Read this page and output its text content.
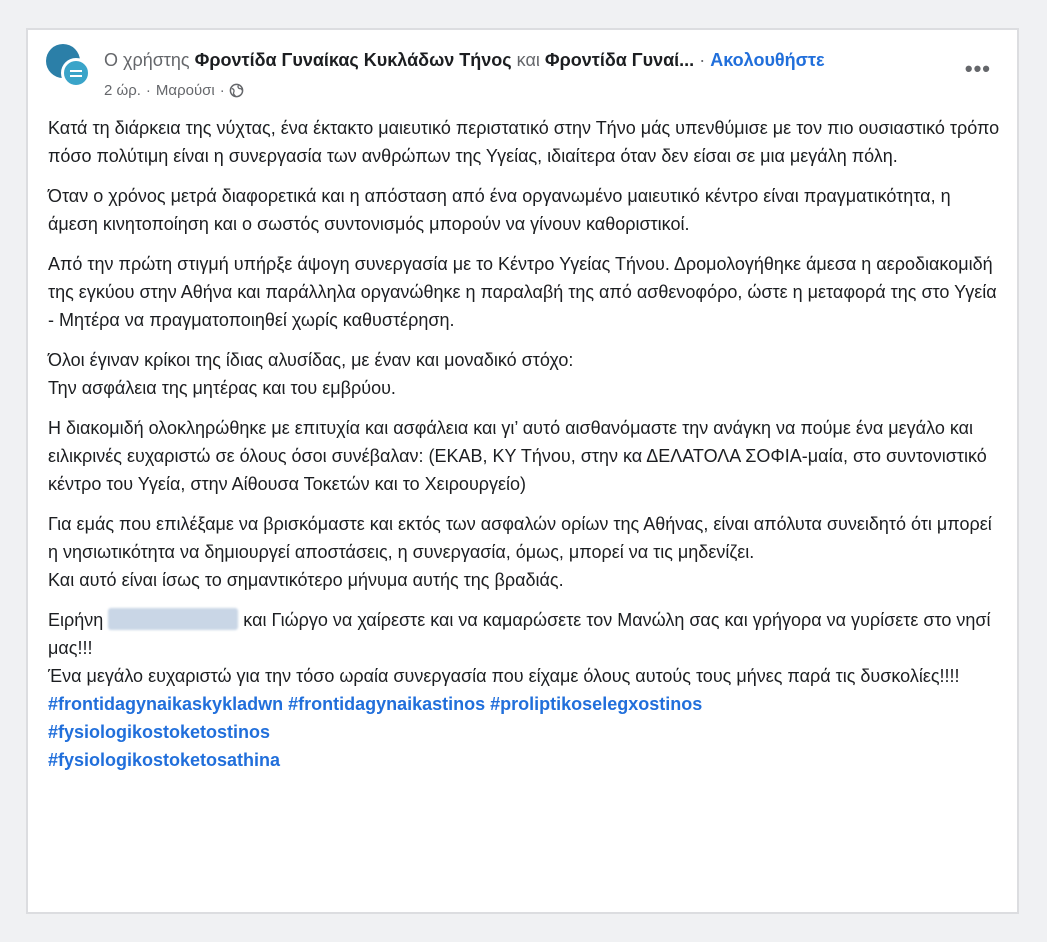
Ο χρήστης Φροντίδα Γυναίκας Κυκλάδων Τήνος και Φροντίδα Γυναί... · Ακολουθήστε
2 ώρ. · Μαρούσι ·
•••

Κατά τη διάρκεια της νύχτας, ένα έκτακτο μαιευτικό περιστατικό στην Τήνο μάς υπενθύμισε με τον πιο ουσιαστικό τρόπο πόσο πολύτιμη είναι η συνεργασία των ανθρώπων της Υγείας, ιδιαίτερα όταν δεν είσαι σε μια μεγάλη πόλη.

Όταν ο χρόνος μετρά διαφορετικά και η απόσταση από ένα οργανωμένο μαιευτικό κέντρο είναι πραγματικότητα, η άμεση κινητοποίηση και ο σωστός συντονισμός μπορούν να γίνουν καθοριστικοί.

Από την πρώτη στιγμή υπήρξε άψογη συνεργασία με το Κέντρο Υγείας Τήνου. Δρομολογήθηκε άμεσα η αεροδιακομιδή της εγκύου στην Αθήνα και παράλληλα οργανώθηκε η παραλαβή της από ασθενοφόρο, ώστε η μεταφορά της στο Υγεία - Μητέρα να πραγματοποιηθεί χωρίς καθυστέρηση.

Όλοι έγιναν κρίκοι της ίδιας αλυσίδας, με έναν και μοναδικό στόχο:
Την ασφάλεια της μητέρας και του εμβρύου.

Η διακομιδή ολοκληρώθηκε με επιτυχία και ασφάλεια και γι’ αυτό αισθανόμαστε την ανάγκη να πούμε ένα μεγάλο και ειλικρινές ευχαριστώ σε όλους όσοι συνέβαλαν: (ΕΚΑΒ, ΚΥ Τήνου, στην κα ΔΕΛΑΤΟΛΑ ΣΟΦΙΑ-μαία, στο συντονιστικό κέντρο του Υγεία, στην Αίθουσα Τοκετών και το Χειρουργείο)

Για εμάς που επιλέξαμε να βρισκόμαστε και εκτός των ασφαλών ορίων της Αθήνας, είναι απόλυτα συνειδητό ότι μπορεί η νησιωτικότητα να δημιουργεί αποστάσεις, η συνεργασία, όμως, μπορεί να τις μηδενίζει.
Και αυτό είναι ίσως το σημαντικότερο μήνυμα αυτής της βραδιάς.

Ειρήνη	και Γιώργο να χαίρεστε και να καμαρώσετε τον Μανώλη σας και γρήγορα να γυρίσετε στο νησί μας!!!
Ένα μεγάλο ευχαριστώ για την τόσο ωραία συνεργασία που είχαμε όλους αυτούς τους μήνες παρά τις δυσκολίες!!!!

#frontidagynaikaskykladwn #frontidagynaikastinos #proliptikoselegxostinos
#fysiologikostoketostinos
#fysiologikostoketosathina
